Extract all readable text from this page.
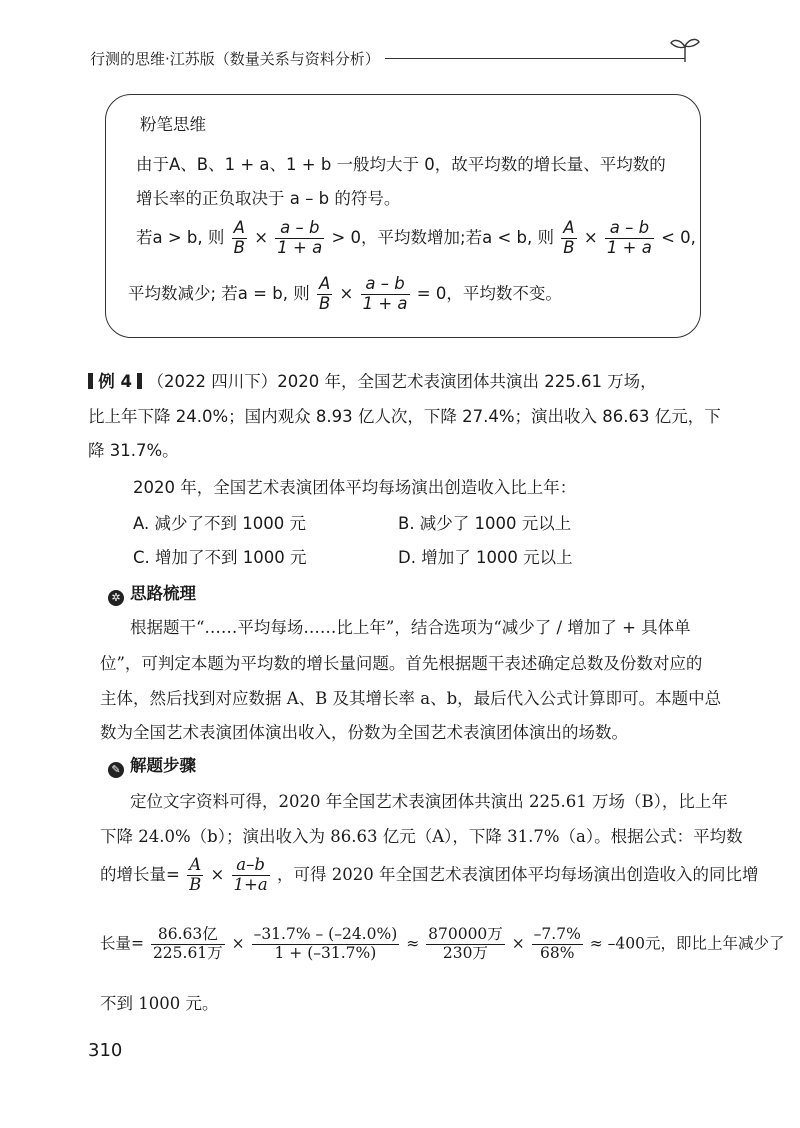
行测的思维·江苏版（数量关系与资料分析）
粉笔思维
由于A、B、1 + a、1 + b 一般均大于 0，故平均数的增长量、平均数的
增长率的正负取决于 a – b 的符号。
若a > b, 则 $\frac{A}{B} \times \frac{a - b}{1 + a} > 0$，平均数增加;若a < b, 则 $\frac{A}{B} \times \frac{a - b}{1 + a} < 0$,
平均数减少; 若a = b, 则 $\frac{A}{B} \times \frac{a - b}{1 + a} = 0$，平均数不变。
例 4 （2022 四川下）2020 年，全国艺术表演团体共演出 225.61 万场，
比上年下降 24.0%；国内观众 8.93 亿人次，下降 27.4%；演出收入 86.63 亿元，下
降 31.7%。
2020 年，全国艺术表演团体平均每场演出创造收入比上年：
A. 减少了不到 1000 元	B. 减少了 1000 元以上
C. 增加了不到 1000 元	D. 增加了 1000 元以上
✲ 思路梳理
根据题干“……平均每场……比上年”，结合选项为“减少了 / 增加了 + 具体单
位”，可判定本题为平均数的增长量问题。首先根据题干表述确定总数及份数对应的
主体，然后找到对应数据 A、B 及其增长率 a、b，最后代入公式计算即可。本题中总
数为全国艺术表演团体演出收入，份数为全国艺术表演团体演出的场数。
✎ 解题步骤
定位文字资料可得，2020 年全国艺术表演团体共演出 225.61 万场（B），比上年
下降 24.0%（b）；演出收入为 86.63 亿元（A），下降 31.7%（a）。根据公式：平均数
的增长量= $\frac{A}{B} \times \frac{a-b}{1+a}$ ，可得 2020 年全国艺术表演团体平均每场演出创造收入的同比增
长量= $\frac{\text{86.63亿}}{\text{225.61万}} \times \frac{-31.7\% - (-24.0\%)}{1 + (-31.7\%)} \approx \frac{\text{870000万}}{\text{230万}} \times \frac{-7.7\%}{68\%} \approx -400$元，即比上年减少了
不到 1000 元。
310
